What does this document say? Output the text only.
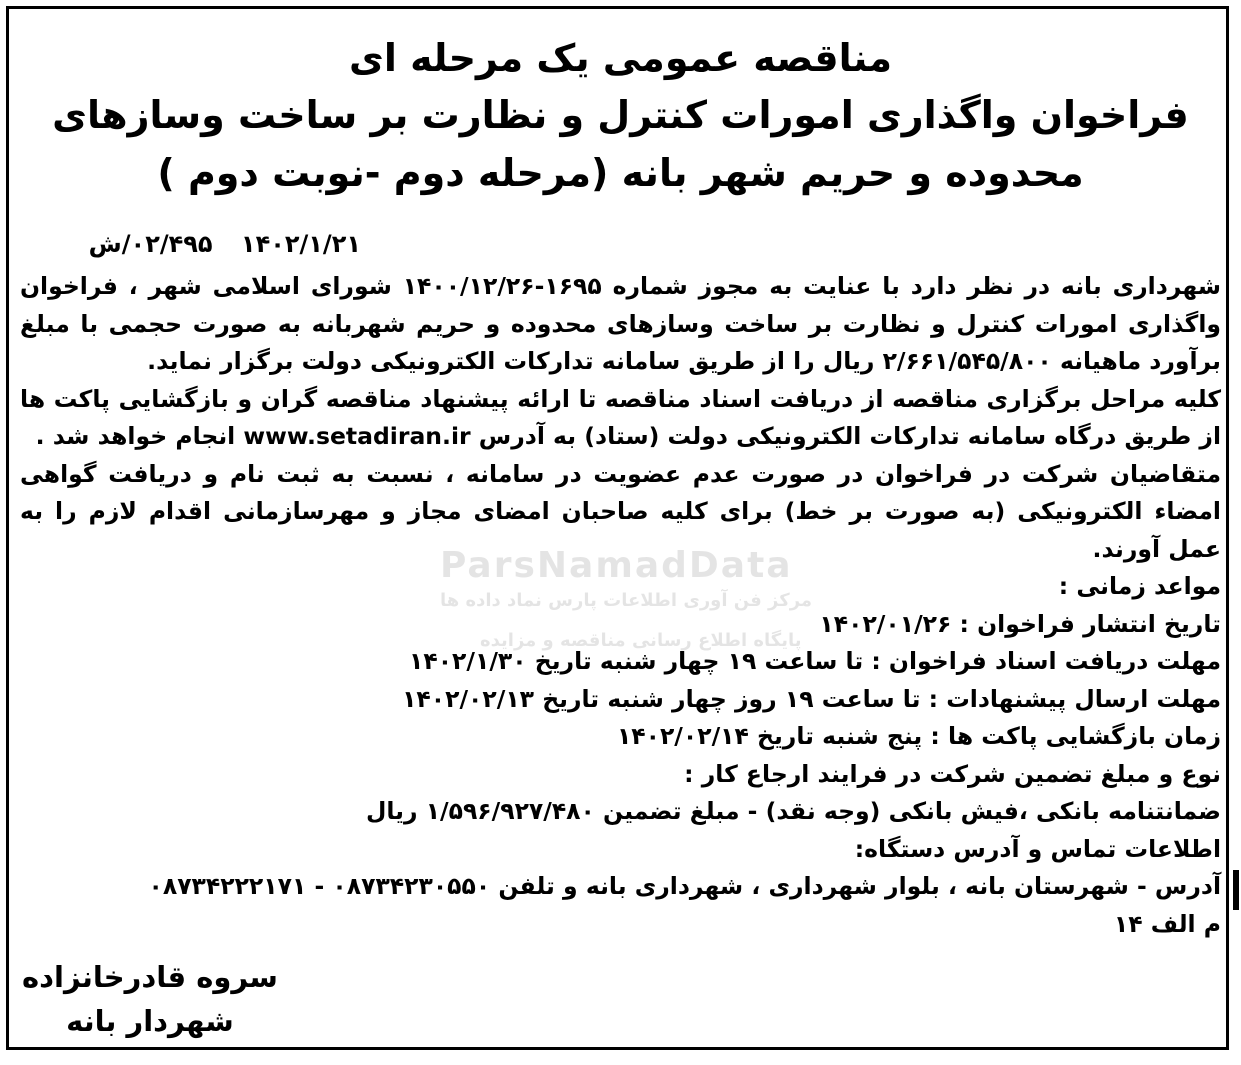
ParsNamadData
مرکز فن آوری اطلاعات پارس نماد داده ها
پایگاه اطلاع رسانی مناقصه و مزایده
مناقصه عمومی یک مرحله ای
فراخوان واگذاری امورات کنترل و نظارت بر ساخت وسازهای
محدوده و حریم شهر بانه (مرحله دوم -نوبت دوم )
۱۴۰۲/۱/۲۱ ۰۲/۴۹۵/ش

شهرداری بانه در نظر دارد با عنایت به مجوز شماره ۱۶۹۵-۱۴۰۰/۱۲/۲۶ شورای اسلامی شهر ، فراخوان واگذاری امورات کنترل و نظارت بر ساخت وسازهای محدوده و حریم شهربانه به صورت حجمی با مبلغ برآورد ماهیانه ۲/۶۶۱/۵۴۵/۸۰۰ ریال را از طریق سامانه تدارکات الکترونیکی دولت برگزار نماید.

کلیه مراحل برگزاری مناقصه از دریافت اسناد مناقصه تا ارائه پیشنهاد مناقصه گران و بازگشایی پاکت ها از طریق درگاه سامانه تدارکات الکترونیکی دولت (ستاد) به آدرس www.setadiran.ir انجام خواهد شد .

متقاضیان شرکت در فراخوان در صورت عدم عضویت در سامانه ، نسبت به ثبت نام و دریافت گواهی امضاء الکترونیکی (به صورت بر خط) برای کلیه صاحبان امضای مجاز و مهرسازمانی اقدام لازم را به عمل آورند.

مواعد زمانی :

تاریخ انتشار فراخوان : ۱۴۰۲/۰۱/۲۶

مهلت دریافت اسناد فراخوان : تا ساعت ۱۹ چهار شنبه تاریخ ۱۴۰۲/۱/۳۰

مهلت ارسال پیشنهادات : تا ساعت ۱۹ روز چهار شنبه تاریخ ۱۴۰۲/۰۲/۱۳

زمان بازگشایی پاکت ها : پنج شنبه تاریخ ۱۴۰۲/۰۲/۱۴

نوع و مبلغ تضمین شرکت در فرایند ارجاع کار :

ضمانتنامه بانکی ،فیش بانکی (وجه نقد) - مبلغ تضمین ۱/۵۹۶/۹۲۷/۴۸۰ ریال

اطلاعات تماس و آدرس دستگاه:

آدرس - شهرستان بانه ، بلوار شهرداری ، شهرداری بانه و تلفن ۰۸۷۳۴۲۳۰۵۵۰ - ۰۸۷۳۴۲۲۲۱۷۱

م الف ۱۴

سروه قادرخانزاده
شهردار بانه
